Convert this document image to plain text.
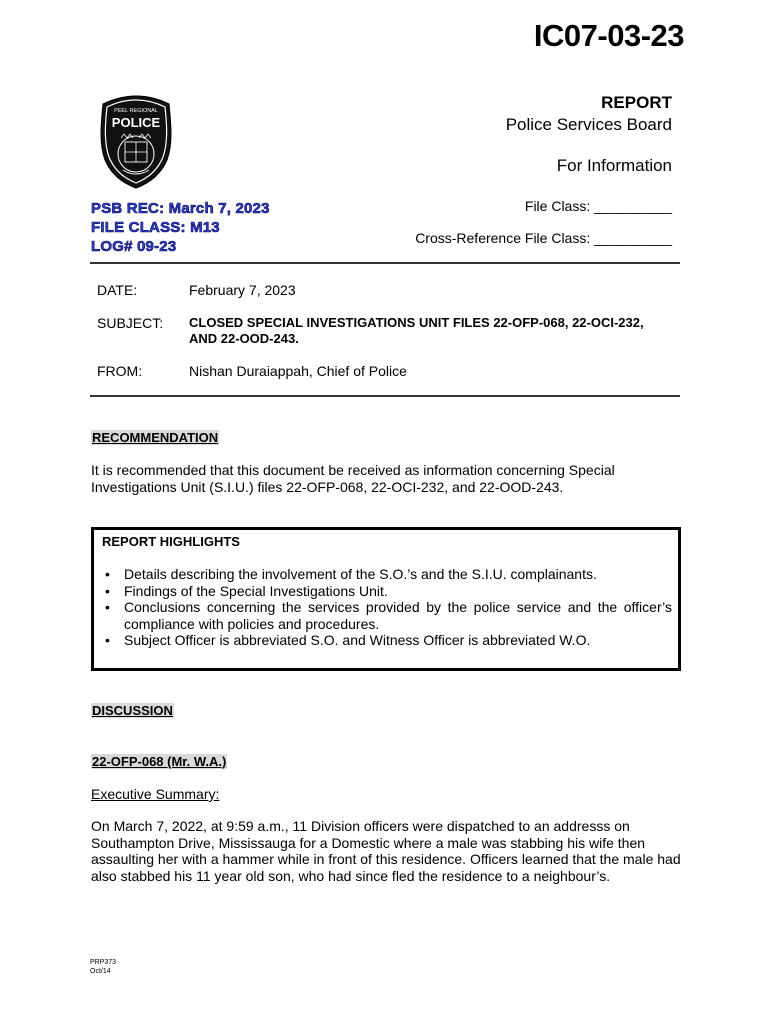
IC07-03-23
PEEL REGIONAL
POLICE
REPORT
Police Services Board
For Information
File Class: __________
Cross-Reference File Class: __________
PSB REC: March 7, 2023
FILE CLASS: M13
LOG# 09-23
DATE:	February 7, 2023
SUBJECT: CLOSED SPECIAL INVESTIGATIONS UNIT FILES 22-OFP-068, 22-OCI-232, AND 22-OOD-243.
FROM:	Nishan Duraiappah, Chief of Police
RECOMMENDATION
It is recommended that this document be received as information concerning Special Investigations Unit (S.I.U.) files 22-OFP-068, 22-OCI-232, and 22-OOD-243.
REPORT HIGHLIGHTS
• Details describing the involvement of the S.O.’s and the S.I.U. complainants.
• Findings of the Special Investigations Unit.
• Conclusions concerning the services provided by the police service and the officer’s compliance with policies and procedures.
• Subject Officer is abbreviated S.O. and Witness Officer is abbreviated W.O.
DISCUSSION
22-OFP-068 (Mr. W.A.)
Executive Summary:
On March 7, 2022, at 9:59 a.m., 11 Division officers were dispatched to an addresss on Southampton Drive, Mississauga for a Domestic where a male was stabbing his wife then assaulting her with a hammer while in front of this residence. Officers learned that the male had also stabbed his 11 year old son, who had since fled the residence to a neighbour’s.
PRP373
Oct/14
